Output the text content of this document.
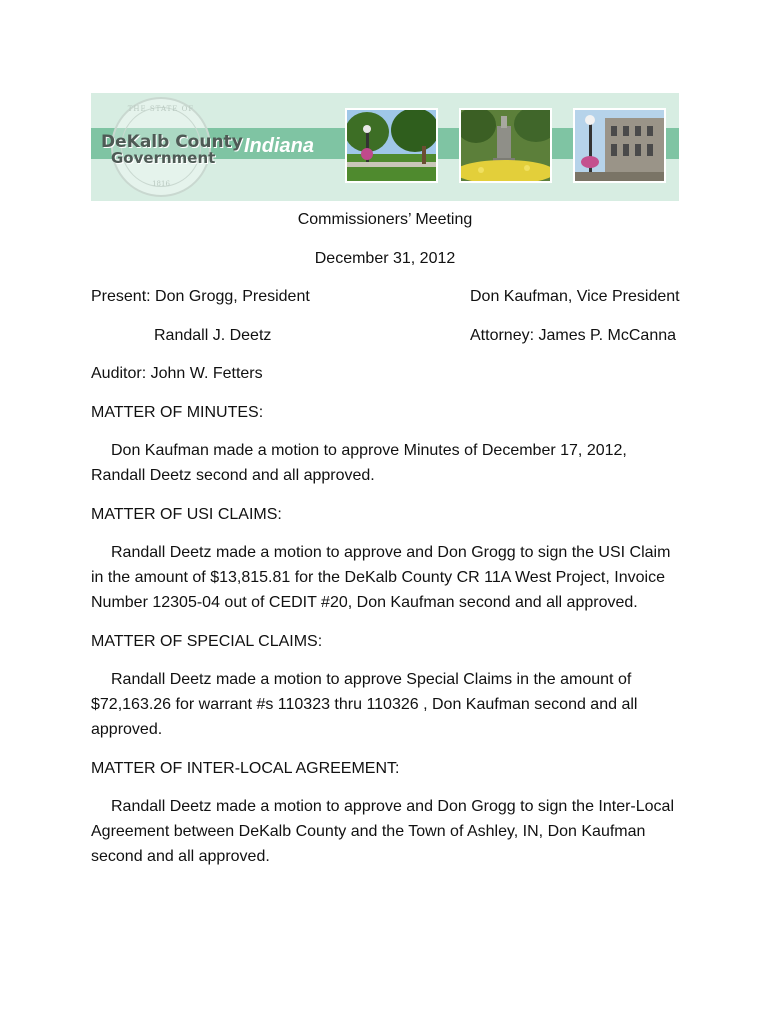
THE STATE OF
1816
DeKalb County
Government
Indiana
Commissioners’ Meeting
December 31, 2012
Present: Don Grogg, President	Don Kaufman, Vice President
Randall J. Deetz	Attorney: James P. McCanna
Auditor: John W. Fetters
MATTER OF MINUTES:
Don Kaufman made a motion to approve Minutes of December 17, 2012, Randall Deetz second and all approved.
MATTER OF USI CLAIMS:
Randall Deetz made a motion to approve and Don Grogg to sign the USI Claim in the amount of $13,815.81 for the DeKalb County CR 11A West Project, Invoice Number 12305-04 out of CEDIT #20, Don Kaufman second and all approved.
MATTER OF SPECIAL CLAIMS:
Randall Deetz made a motion to approve Special Claims in the amount of $72,163.26 for warrant #s 110323 thru 110326 , Don Kaufman second and all approved.
MATTER OF INTER-LOCAL AGREEMENT:
Randall Deetz made a motion to approve and Don Grogg to sign the Inter-Local Agreement between DeKalb County and the Town of Ashley, IN, Don Kaufman second and all approved.
